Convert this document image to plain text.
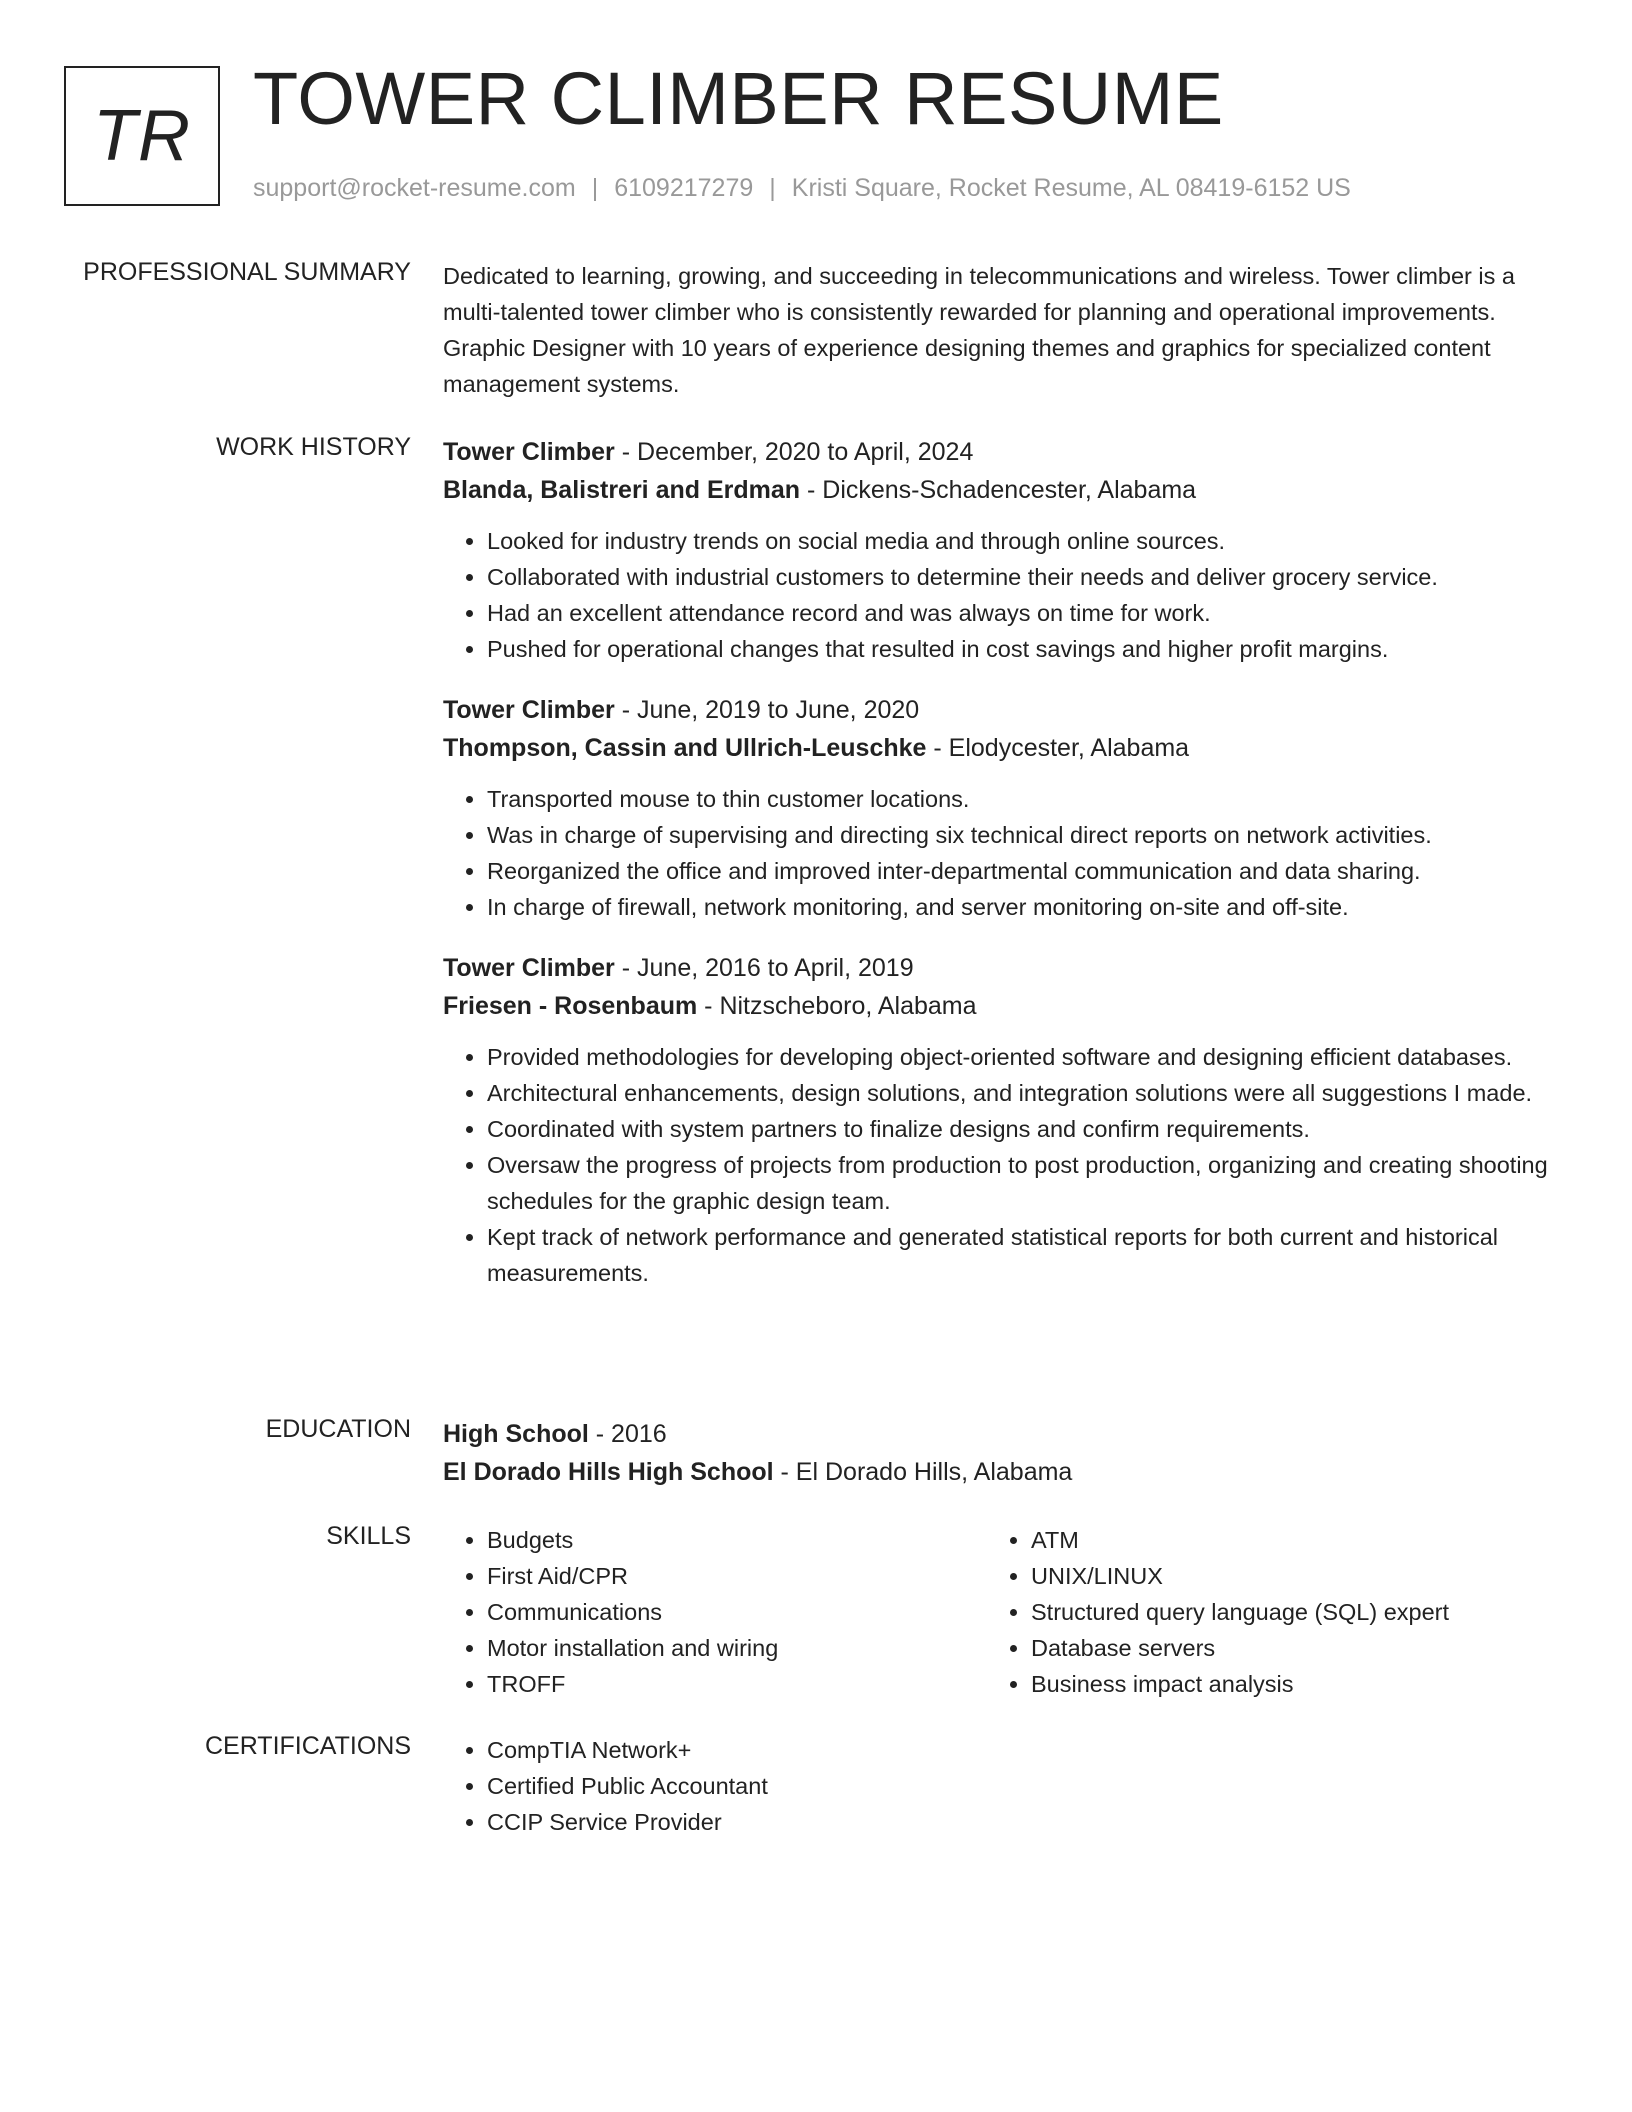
TR TOWER CLIMBER RESUME
support@rocket-resume.com | 6109217279 | Kristi Square, Rocket Resume, AL 08419-6152 US
PROFESSIONAL SUMMARY Dedicated to learning, growing, and succeeding in telecommunications and wireless. Tower climber is a multi-talented tower climber who is consistently rewarded for planning and operational improvements. Graphic Designer with 10 years of experience designing themes and graphics for specialized content management systems.

WORK HISTORY Tower Climber - December, 2020 to April, 2024
Blanda, Balistreri and Erdman - Dickens-Schadencester, Alabama
• Looked for industry trends on social media and through online sources.
• Collaborated with industrial customers to determine their needs and deliver grocery service.
• Had an excellent attendance record and was always on time for work.
• Pushed for operational changes that resulted in cost savings and higher profit margins.
Tower Climber - June, 2019 to June, 2020
Thompson, Cassin and Ullrich-Leuschke - Elodycester, Alabama
• Transported mouse to thin customer locations.
• Was in charge of supervising and directing six technical direct reports on network activities.
• Reorganized the office and improved inter-departmental communication and data sharing.
• In charge of firewall, network monitoring, and server monitoring on-site and off-site.
Tower Climber - June, 2016 to April, 2019
Friesen - Rosenbaum - Nitzscheboro, Alabama
• Provided methodologies for developing object-oriented software and designing efficient databases.
• Architectural enhancements, design solutions, and integration solutions were all suggestions I made.
• Coordinated with system partners to finalize designs and confirm requirements.
• Oversaw the progress of projects from production to post production, organizing and creating shooting schedules for the graphic design team.
• Kept track of network performance and generated statistical reports for both current and historical measurements.
EDUCATION High School - 2016
El Dorado Hills High School - El Dorado Hills, Alabama
SKILLS	• Budgets
• First Aid/CPR
• Communications
• Motor installation and wiring
• TROFF
• ATM
• UNIX/LINUX
• Structured query language (SQL) expert
• Database servers
• Business impact analysis
CERTIFICATIONS	• CompTIA Network+
• Certified Public Accountant
• CCIP Service Provider
